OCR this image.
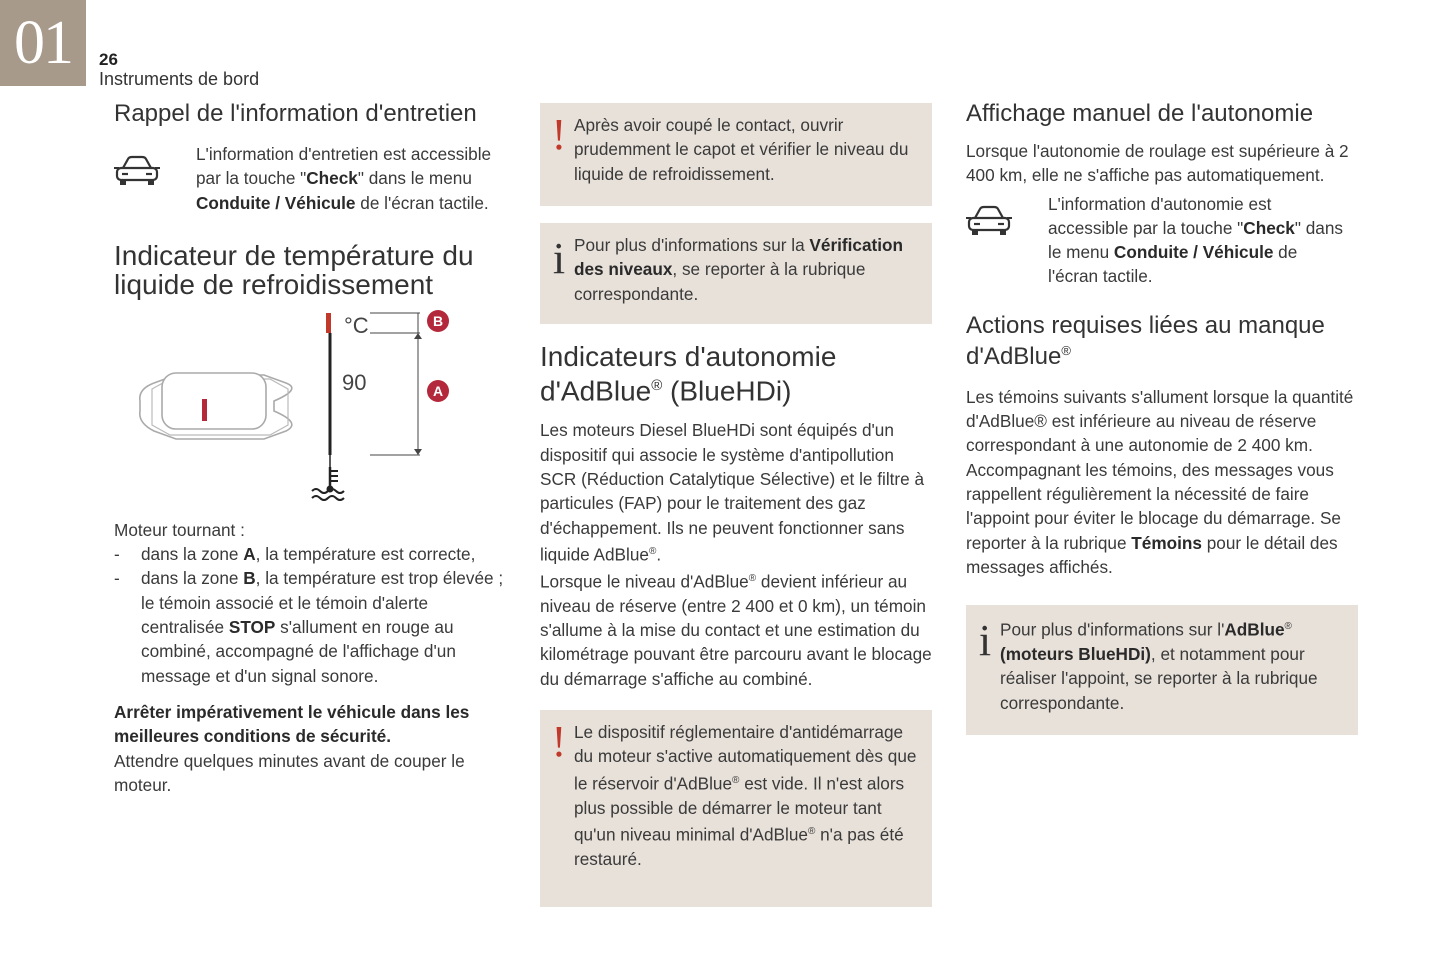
01	26
Instruments de bord
Rappel de l'information d'entretien

L'information d'entretien est accessible par la touche "Check" dans le menu Conduite / Véhicule de l'écran tactile.

Indicateur de température du
liquide de refroidissement
°C
90
B
A

Moteur tournant :

- dans la zone A, la température est correcte,
- dans la zone B, la température est trop élevée ; le témoin associé et le témoin d'alerte centralisée STOP s'allument en rouge au combiné, accompagné de l'affichage d'un message et d'un signal sonore.

Arrêter impérativement le véhicule dans les meilleures conditions de sécurité.
Attendre quelques minutes avant de couper le moteur.

! Après avoir coupé le contact, ouvrir prudemment le capot et vérifier le niveau du liquide de refroidissement.
i Pour plus d'informations sur la Vérification des niveaux, se reporter à la rubrique correspondante.
Indicateurs d'autonomie
d'AdBlue® (BlueHDi)

Les moteurs Diesel BlueHDi sont équipés d'un dispositif qui associe le système d'antipollution SCR (Réduction Catalytique Sélective) et le filtre à particules (FAP) pour le traitement des gaz d'échappement. Ils ne peuvent fonctionner sans liquide AdBlue®.

Lorsque le niveau d'AdBlue® devient inférieur au niveau de réserve (entre 2 400 et 0 km), un témoin s'allume à la mise du contact et une estimation du kilométrage pouvant être parcouru avant le blocage du démarrage s'affiche au combiné.

! Le dispositif réglementaire d'antidémarrage du moteur s'active automatiquement dès que le réservoir d'AdBlue® est vide. Il n'est alors plus possible de démarrer le moteur tant qu'un niveau minimal d'AdBlue® n'a pas été restauré.
Affichage manuel de l'autonomie

Lorsque l'autonomie de roulage est supérieure à 2 400 km, elle ne s'affiche pas automatiquement.

L'information d'autonomie est accessible par la touche "Check" dans le menu Conduite / Véhicule de l'écran tactile.

Actions requises liées au manque
d'AdBlue®

Les témoins suivants s'allument lorsque la quantité d'AdBlue® est inférieure au niveau de réserve correspondant à une autonomie de 2 400 km.

Accompagnant les témoins, des messages vous rappellent régulièrement la nécessité de faire l'appoint pour éviter le blocage du démarrage. Se reporter à la rubrique Témoins pour le détail des messages affichés.

i Pour plus d'informations sur l'AdBlue® (moteurs BlueHDi), et notamment pour réaliser l'appoint, se reporter à la rubrique correspondante.
